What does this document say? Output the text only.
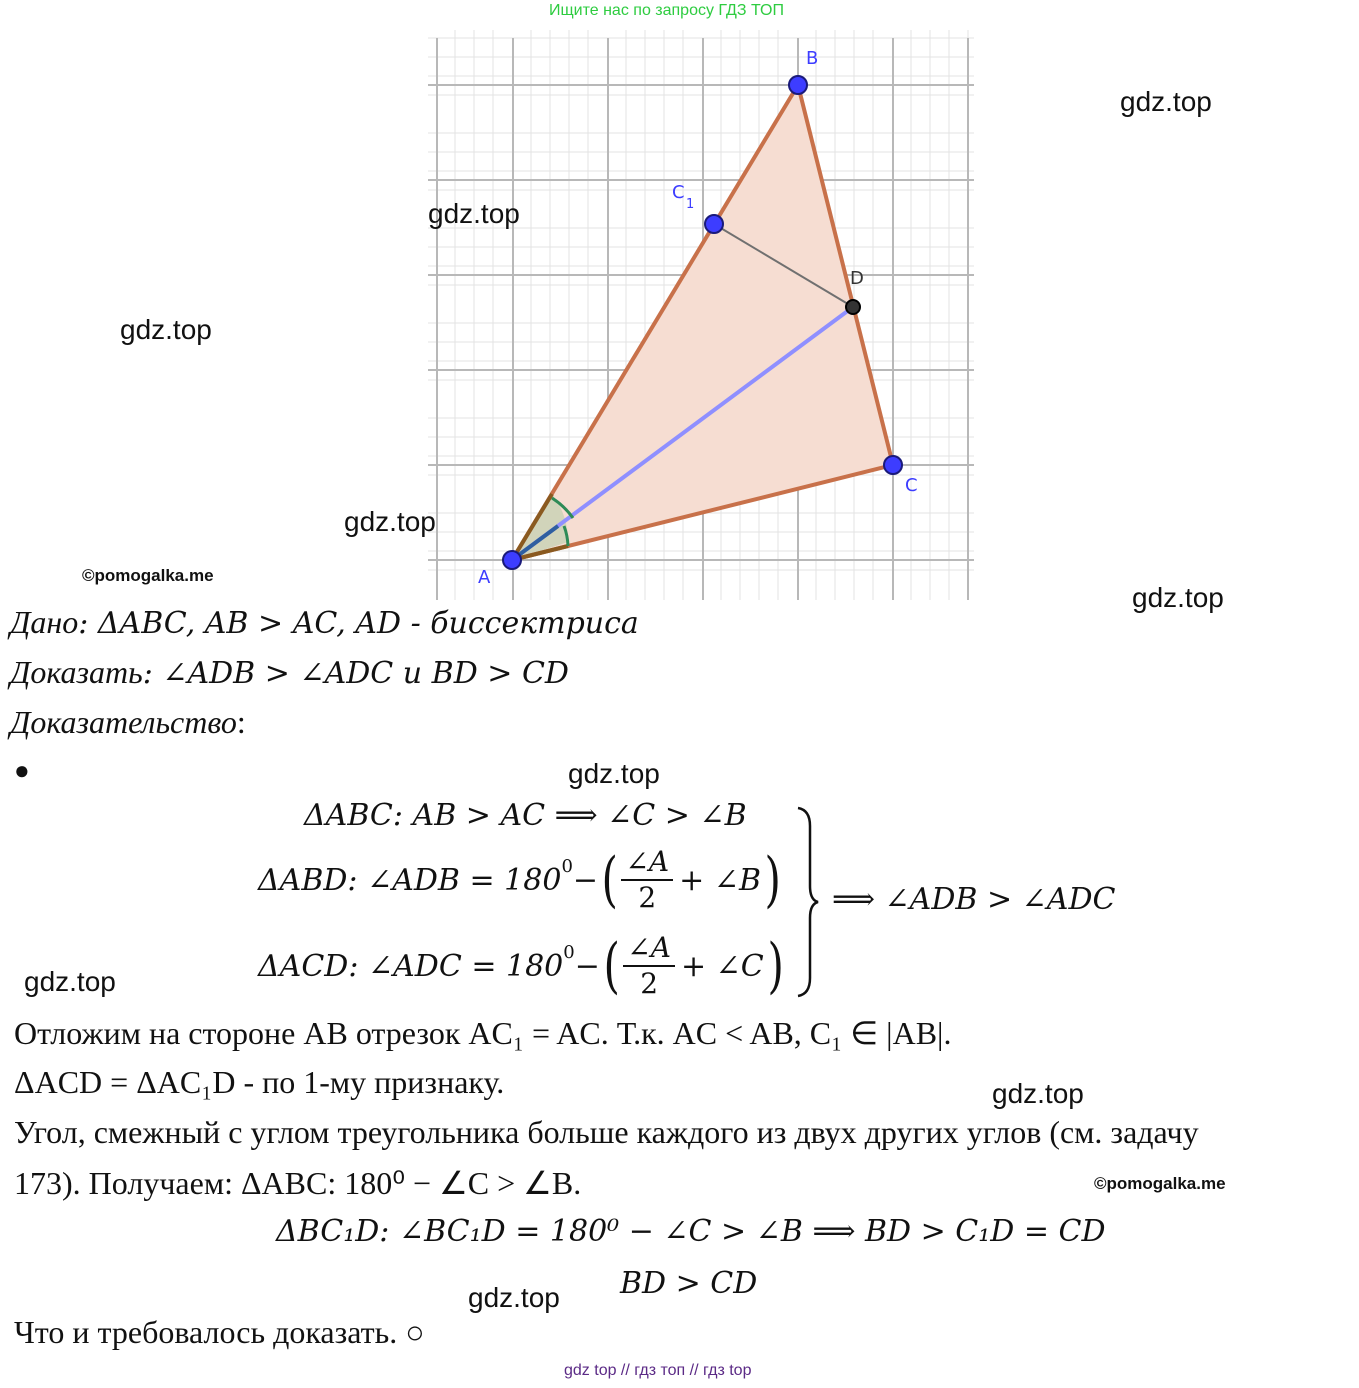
Ищите нас по запросу ГДЗ ТОП
B
C
1
D
C
A
gdz.top
gdz.top
gdz.top
gdz.top
©pomogalka.me
gdz.top
gdz.top
gdz.top
gdz.top
©pomogalka.me
gdz.top
Дано: ΔABC, AB > AC, AD - биссектриса
Доказать: ∠ADB > ∠ADC и BD > CD
Доказательство:
●
ΔABC: AB > AC ⟹ ∠C > ∠B
ΔABD: ∠ADB = $180^0$ − ( $\frac{\angle A}{2}$ + ∠B )
ΔACD: ∠ADC = $180^0$ − ( $\frac{\angle A}{2}$ + ∠C )
⟹ ∠ADB > ∠ADC
Отложим на стороне AB отрезок AC₁ = AC. Т.к. AC < AB, C₁ ∈ |AB|.
ΔACD = ΔAC₁D - по 1-му признаку.
Угол, смежный с углом треугольника больше каждого из двух других углов (см. задачу
173). Получаем: ΔABC: 180⁰ − ∠C > ∠B.
ΔBC₁D: ∠BC₁D = 180⁰ − ∠C > ∠B ⟹ BD > C₁D = CD
BD > CD
Что и требовалось доказать. ○
gdz top // гдз топ // гдз top
